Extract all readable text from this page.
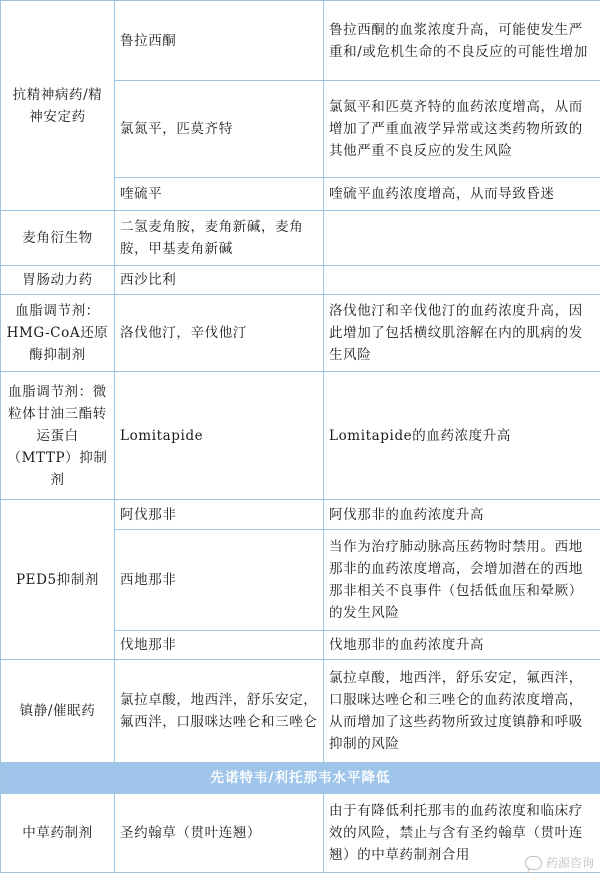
抗精神病药/精神安定药	鲁拉西酮	鲁拉西酮的血浆浓度升高，可能使发生严重和/或危机生命的不良反应的可能性增加
	氯氮平，匹莫齐特	氯氮平和匹莫齐特的血药浓度增高，从而增加了严重血液学异常或这类药物所致的其他严重不良反应的发生风险
	喹硫平	喹硫平血药浓度增高，从而导致昏迷
麦角衍生物	二氢麦角胺，麦角新碱，麦角胺，甲基麦角新碱	
胃肠动力药	西沙比利	
血脂调节剂：HMG-CoA还原酶抑制剂	洛伐他汀，辛伐他汀	洛伐他汀和辛伐他汀的血药浓度升高，因此增加了包括横纹肌溶解在内的肌病的发生风险
血脂调节剂：微粒体甘油三酯转运蛋白（MTTP）抑制剂	Lomitapide	Lomitapide的血药浓度升高
PED5抑制剂	阿伐那非	阿伐那非的血药浓度升高
	西地那非	当作为治疗肺动脉高压药物时禁用。西地那非的血药浓度增高，会增加潜在的西地那非相关不良事件（包括低血压和晕厥）的发生风险
	伐地那非	伐地那非的血药浓度升高
镇静/催眠药	氯拉卓酸，地西泮，舒乐安定，氟西泮，口服咪达唑仑和三唑仑	氯拉卓酸，地西泮，舒乐安定，氟西泮，口服咪达唑仑和三唑仑的血药浓度增高，从而增加了这些药物所致过度镇静和呼吸抑制的风险
先诺特韦/利托那韦水平降低		
中草药制剂	圣约翰草（贯叶连翘）	由于有降低利托那韦的血药浓度和临床疗效的风险，禁止与含有圣约翰草（贯叶连翘）的中草药制剂合用	药源咨询
